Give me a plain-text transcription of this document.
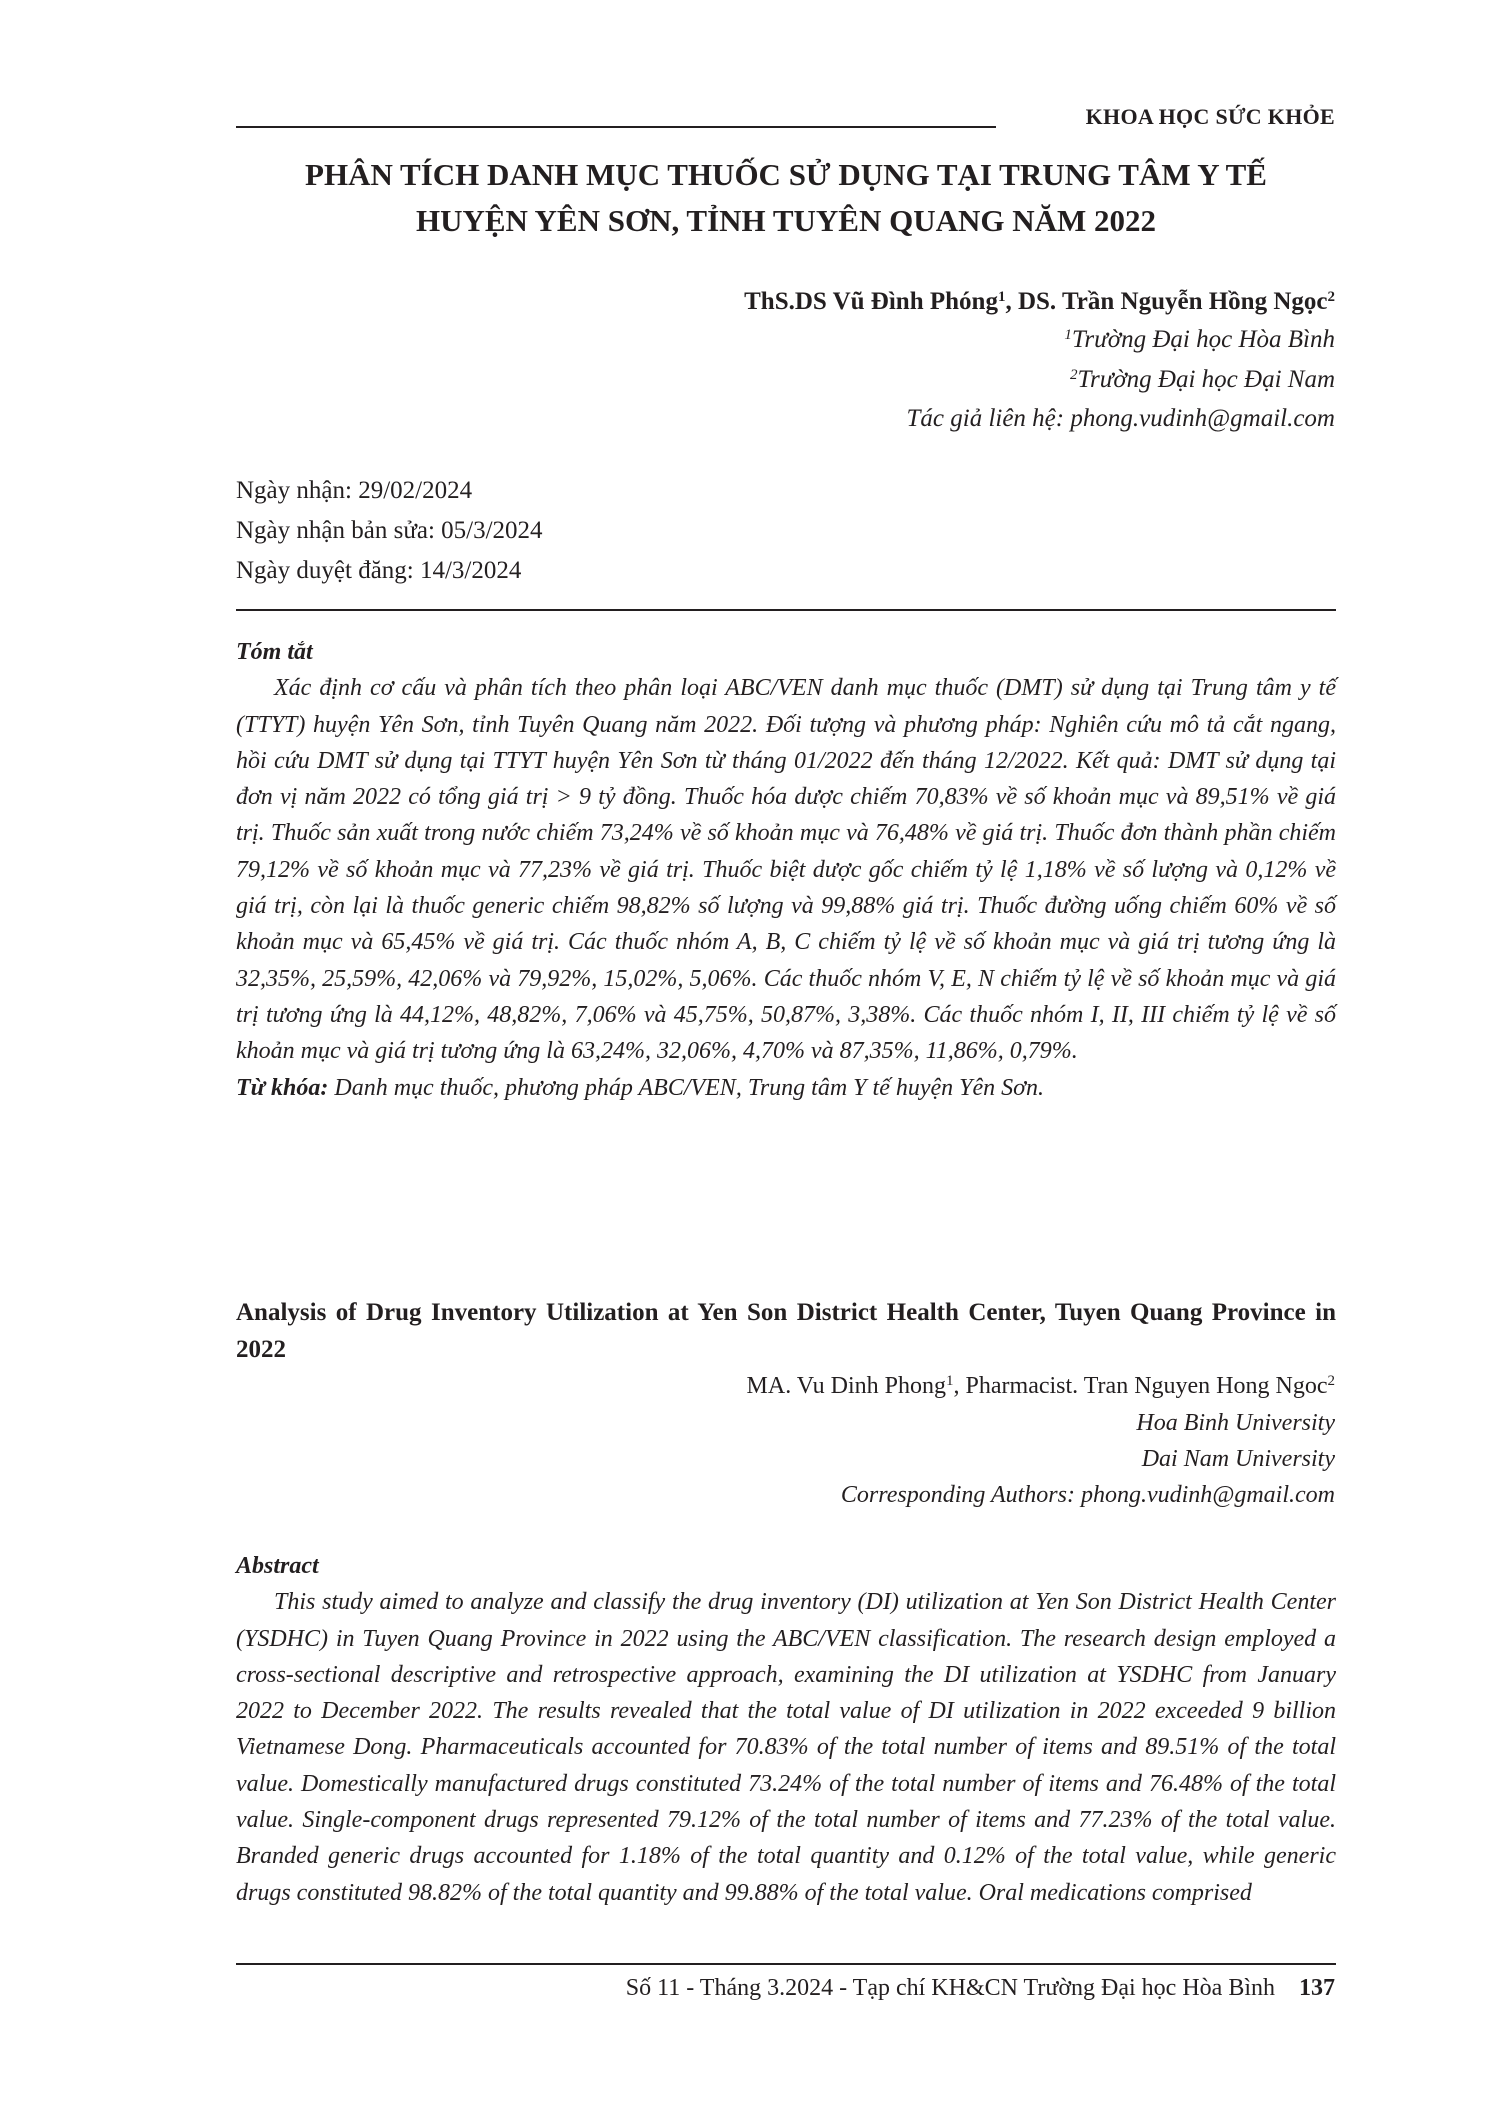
KHOA HỌC SỨC KHỎE
PHÂN TÍCH DANH MỤC THUỐC SỬ DỤNG TẠI TRUNG TÂM Y TẾ
HUYỆN YÊN SƠN, TỈNH TUYÊN QUANG NĂM 2022
ThS.DS Vũ Đình Phóng$^1$, DS. Trần Nguyễn Hồng Ngọc$^2$
$^1$Trường Đại học Hòa Bình
$^2$Trường Đại học Đại Nam
Tác giả liên hệ: phong.vudinh@gmail.com
Ngày nhận: 29/02/2024
Ngày nhận bản sửa: 05/3/2024
Ngày duyệt đăng: 14/3/2024
Tóm tắt
Xác định cơ cấu và phân tích theo phân loại ABC/VEN danh mục thuốc (DMT) sử dụng tại Trung tâm y tế (TTYT) huyện Yên Sơn, tỉnh Tuyên Quang năm 2022. Đối tượng và phương pháp: Nghiên cứu mô tả cắt ngang, hồi cứu DMT sử dụng tại TTYT huyện Yên Sơn từ tháng 01/2022 đến tháng 12/2022. Kết quả: DMT sử dụng tại đơn vị năm 2022 có tổng giá trị > 9 tỷ đồng. Thuốc hóa dược chiếm 70,83% về số khoản mục và 89,51% về giá trị. Thuốc sản xuất trong nước chiếm 73,24% về số khoản mục và 76,48% về giá trị. Thuốc đơn thành phần chiếm 79,12% về số khoản mục và 77,23% về giá trị. Thuốc biệt dược gốc chiếm tỷ lệ 1,18% về số lượng và 0,12% về giá trị, còn lại là thuốc generic chiếm 98,82% số lượng và 99,88% giá trị. Thuốc đường uống chiếm 60% về số khoản mục và 65,45% về giá trị. Các thuốc nhóm A, B, C chiếm tỷ lệ về số khoản mục và giá trị tương ứng là 32,35%, 25,59%, 42,06% và 79,92%, 15,02%, 5,06%. Các thuốc nhóm V, E, N chiếm tỷ lệ về số khoản mục và giá trị tương ứng là 44,12%, 48,82%, 7,06% và 45,75%, 50,87%, 3,38%. Các thuốc nhóm I, II, III chiếm tỷ lệ về số khoản mục và giá trị tương ứng là 63,24%, 32,06%, 4,70% và 87,35%, 11,86%, 0,79%.
Từ khóa: Danh mục thuốc, phương pháp ABC/VEN, Trung tâm Y tế huyện Yên Sơn.
Analysis of Drug Inventory Utilization at Yen Son District Health Center, Tuyen Quang Province in 2022
MA. Vu Dinh Phong$^1$, Pharmacist. Tran Nguyen Hong Ngoc$^2$
Hoa Binh University
Dai Nam University
Corresponding Authors: phong.vudinh@gmail.com
Abstract
This study aimed to analyze and classify the drug inventory (DI) utilization at Yen Son District Health Center (YSDHC) in Tuyen Quang Province in 2022 using the ABC/VEN classification. The research design employed a cross-sectional descriptive and retrospective approach, examining the DI utilization at YSDHC from January 2022 to December 2022. The results revealed that the total value of DI utilization in 2022 exceeded 9 billion Vietnamese Dong. Pharmaceuticals accounted for 70.83% of the total number of items and 89.51% of the total value. Domestically manufactured drugs constituted 73.24% of the total number of items and 76.48% of the total value. Single-component drugs represented 79.12% of the total number of items and 77.23% of the total value. Branded generic drugs accounted for 1.18% of the total quantity and 0.12% of the total value, while generic drugs constituted 98.82% of the total quantity and 99.88% of the total value. Oral medications comprised
Số 11 - Tháng 3.2024 - Tạp chí KH&CN Trường Đại học Hòa Bình 137
